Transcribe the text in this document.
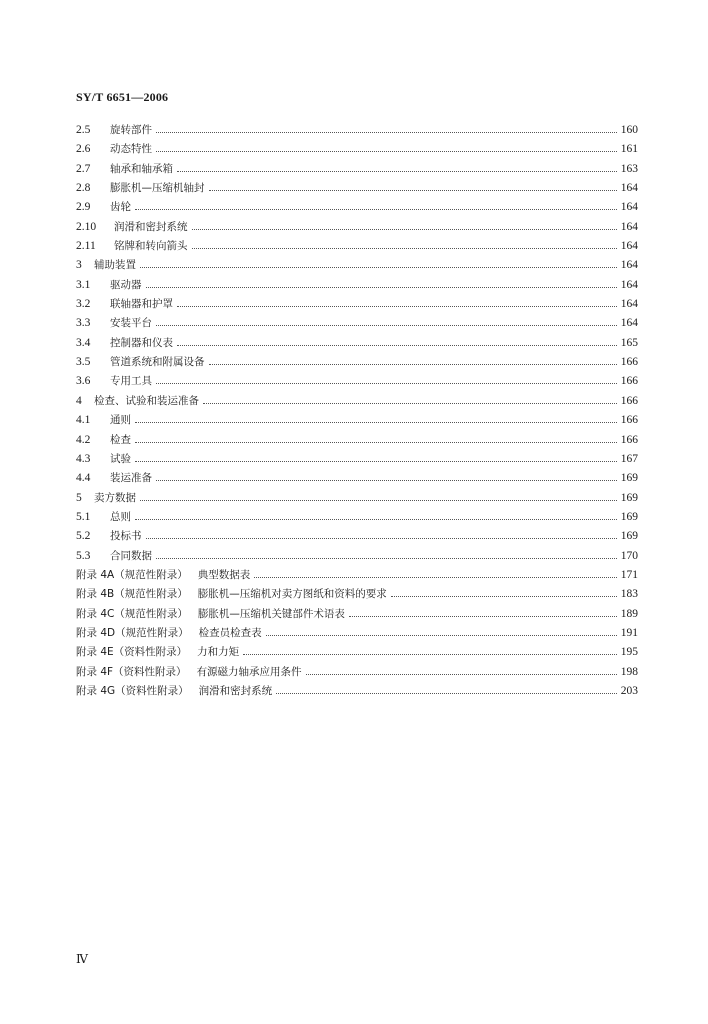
SY/T 6651—2006
2.5	旋转部件	160
2.6	动态特性	161
2.7	轴承和轴承箱	163
2.8	膨胀机—压缩机轴封	164
2.9	齿轮	164
2.10	润滑和密封系统	164
2.11	铭牌和转向箭头	164
3	辅助装置	164
3.1	驱动器	164
3.2	联轴器和护罩	164
3.3	安装平台	164
3.4	控制器和仪表	165
3.5	管道系统和附属设备	166
3.6	专用工具	166
4	检查、试验和装运准备	166
4.1	通则	166
4.2	检查	166
4.3	试验	167
4.4	装运准备	169
5	卖方数据	169
5.1	总则	169
5.2	投标书	169
5.3	合同数据	170
附录 4A（规范性附录） 典型数据表	171
附录 4B（规范性附录） 膨胀机—压缩机对卖方图纸和资料的要求	183
附录 4C（规范性附录） 膨胀机—压缩机关键部件术语表	189
附录 4D（规范性附录） 检查员检查表	191
附录 4E（资料性附录） 力和力矩	195
附录 4F（资料性附录） 有源磁力轴承应用条件	198
附录 4G（资料性附录） 润滑和密封系统	203
Ⅳ
